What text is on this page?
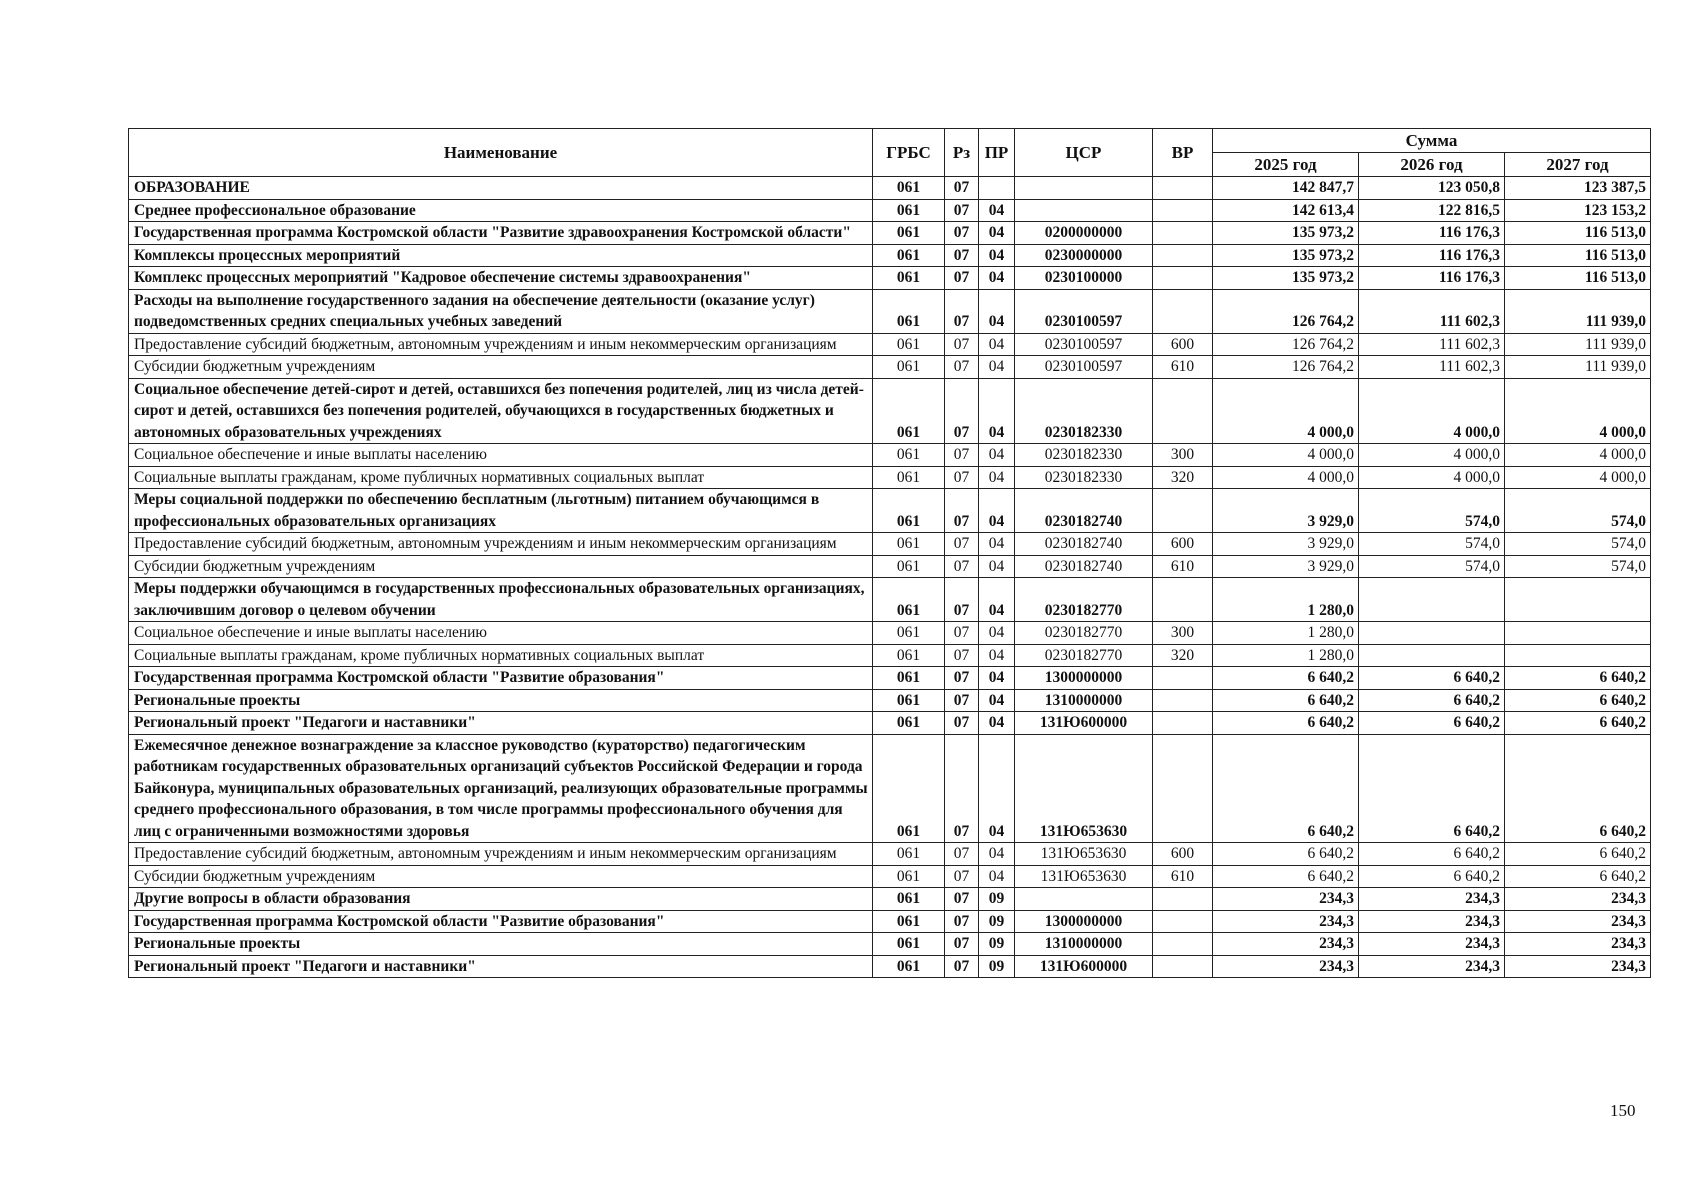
Наименование	ГРБС	Рз	ПР	ЦСР	ВР	Сумма		
						2025 год	2026 год	2027 год
ОБРАЗОВАНИЕ	061	07				142 847,7	123 050,8	123 387,5
Среднее профессиональное образование	061	07	04			142 613,4	122 816,5	123 153,2
Государственная программа Костромской области "Развитие здравоохранения Костромской области"	061	07	04	0200000000		135 973,2	116 176,3	116 513,0
Комплексы процессных мероприятий	061	07	04	0230000000		135 973,2	116 176,3	116 513,0
Комплекс процессных мероприятий "Кадровое обеспечение системы здравоохранения"	061	07	04	0230100000		135 973,2	116 176,3	116 513,0
Расходы на выполнение государственного задания на обеспечение деятельности (оказание услуг) подведомственных средних специальных учебных заведений	061	07	04	0230100597		126 764,2	111 602,3	111 939,0
Предоставление субсидий бюджетным, автономным учреждениям и иным некоммерческим организациям	061	07	04	0230100597	600	126 764,2	111 602,3	111 939,0
Субсидии бюджетным учреждениям	061	07	04	0230100597	610	126 764,2	111 602,3	111 939,0
Социальное обеспечение детей-сирот и детей, оставшихся без попечения родителей, лиц из числа детей-сирот и детей, оставшихся без попечения родителей, обучающихся в государственных бюджетных и автономных образовательных учреждениях	061	07	04	0230182330		4 000,0	4 000,0	4 000,0
Социальное обеспечение и иные выплаты населению	061	07	04	0230182330	300	4 000,0	4 000,0	4 000,0
Социальные выплаты гражданам, кроме публичных нормативных социальных выплат	061	07	04	0230182330	320	4 000,0	4 000,0	4 000,0
Меры социальной поддержки по обеспечению бесплатным (льготным) питанием обучающимся в профессиональных образовательных организациях	061	07	04	0230182740		3 929,0	574,0	574,0
Предоставление субсидий бюджетным, автономным учреждениям и иным некоммерческим организациям	061	07	04	0230182740	600	3 929,0	574,0	574,0
Субсидии бюджетным учреждениям	061	07	04	0230182740	610	3 929,0	574,0	574,0
Меры поддержки обучающимся в государственных профессиональных образовательных организациях, заключившим договор о целевом обучении	061	07	04	0230182770		1 280,0		
Социальное обеспечение и иные выплаты населению	061	07	04	0230182770	300	1 280,0		
Социальные выплаты гражданам, кроме публичных нормативных социальных выплат	061	07	04	0230182770	320	1 280,0		
Государственная программа Костромской области "Развитие образования"	061	07	04	1300000000		6 640,2	6 640,2	6 640,2
Региональные проекты	061	07	04	1310000000		6 640,2	6 640,2	6 640,2
Региональный проект "Педагоги и наставники"	061	07	04	131Ю600000		6 640,2	6 640,2	6 640,2
Ежемесячное денежное вознаграждение за классное руководство (кураторство) педагогическим работникам государственных образовательных организаций субъектов Российской Федерации и города Байконура, муниципальных образовательных организаций, реализующих образовательные программы среднего профессионального образования, в том числе программы профессионального обучения для лиц с ограниченными возможностями здоровья	061	07	04	131Ю653630		6 640,2	6 640,2	6 640,2
Предоставление субсидий бюджетным, автономным учреждениям и иным некоммерческим организациям	061	07	04	131Ю653630	600	6 640,2	6 640,2	6 640,2
Субсидии бюджетным учреждениям	061	07	04	131Ю653630	610	6 640,2	6 640,2	6 640,2
Другие вопросы в области образования	061	07	09			234,3	234,3	234,3
Государственная программа Костромской области "Развитие образования"	061	07	09	1300000000		234,3	234,3	234,3
Региональные проекты	061	07	09	1310000000		234,3	234,3	234,3
Региональный проект "Педагоги и наставники"	061	07	09	131Ю600000		234,3	234,3	234,3
150
